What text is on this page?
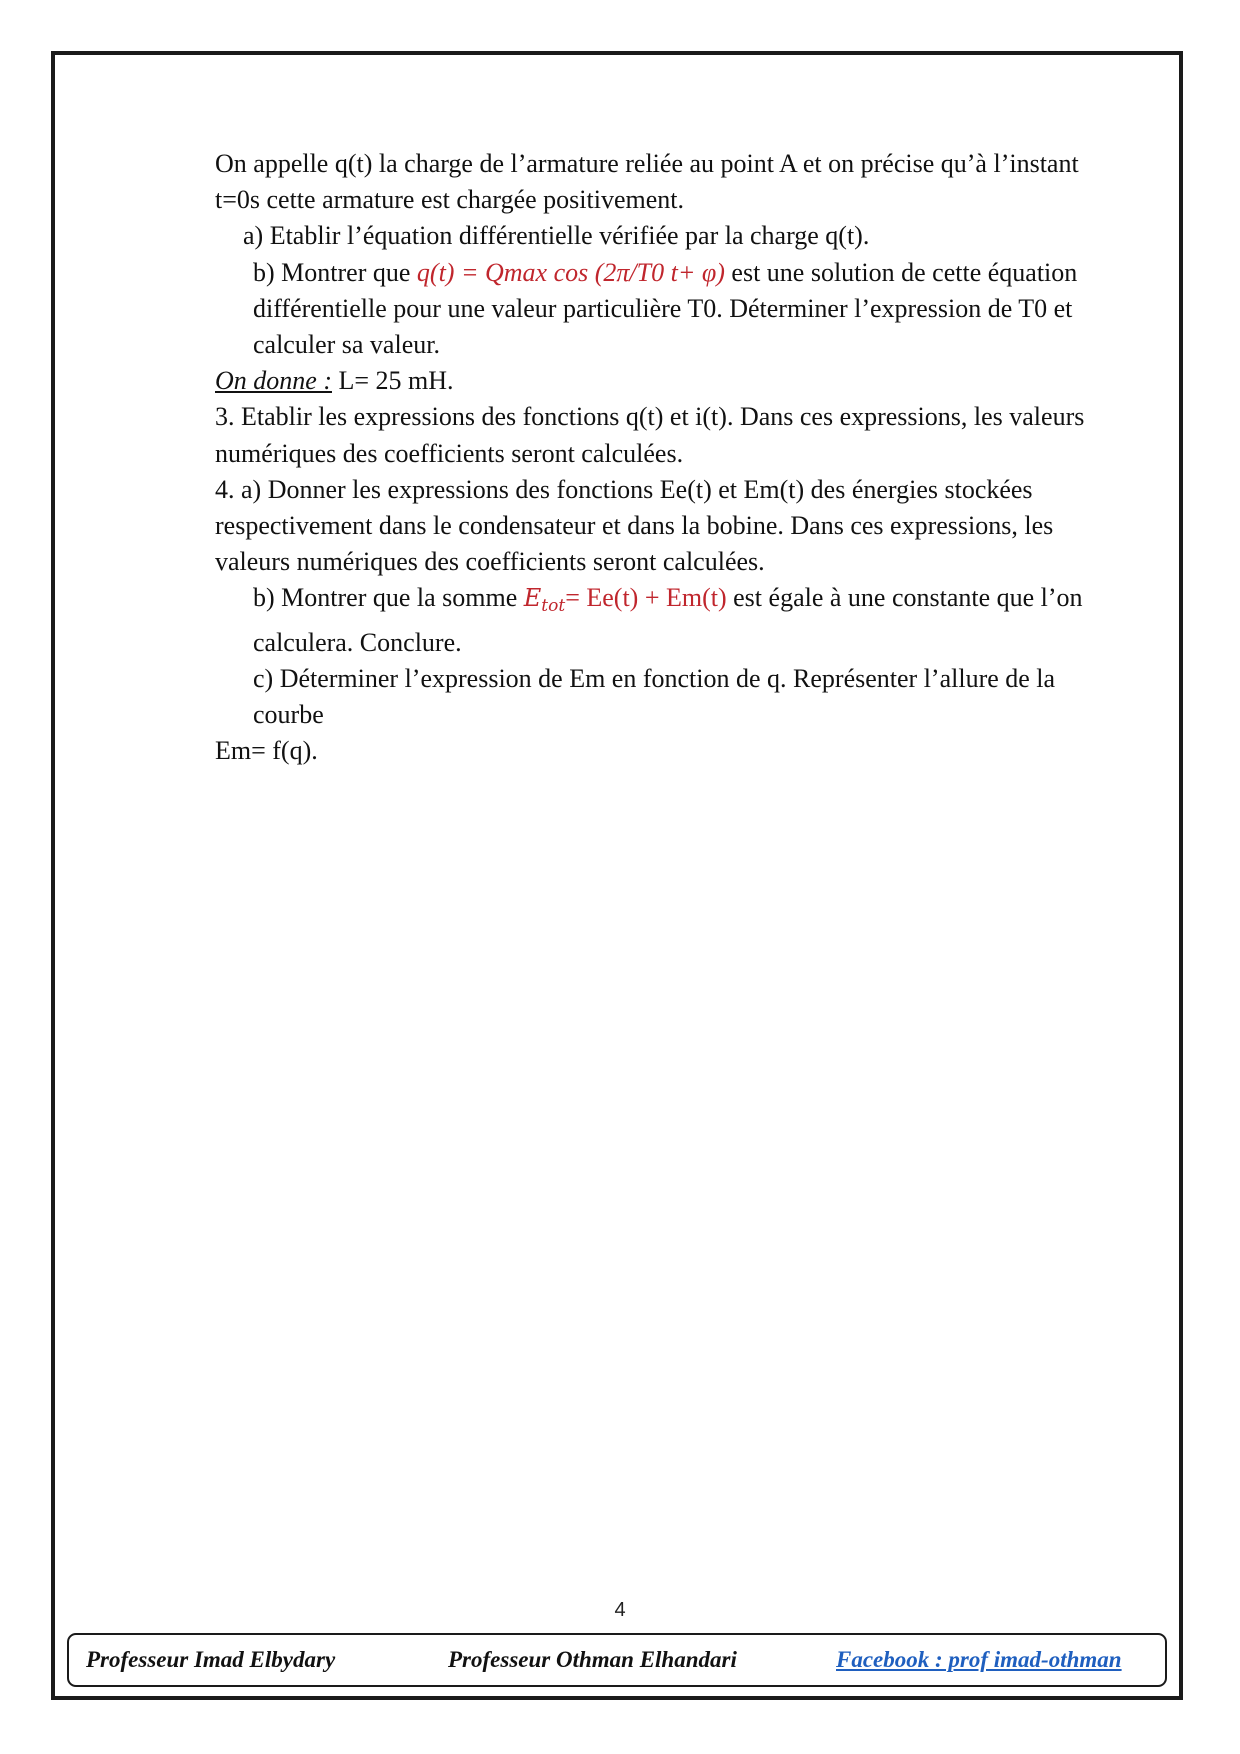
On appelle q(t) la charge de l’armature reliée au point A et on précise qu’à l’instant t=0s cette armature est chargée positivement.

a) Etablir l’équation différentielle vérifiée par la charge q(t).

b) Montrer que q(t) = Qmax cos (2π/T0 t+ φ) est une solution de cette équation différentielle pour une valeur particulière T0. Déterminer l’expression de T0 et calculer sa valeur.

On donne : L= 25 mH.

3. Etablir les expressions des fonctions q(t) et i(t). Dans ces expressions, les valeurs numériques des coefficients seront calculées.

4. a) Donner les expressions des fonctions Ee(t) et Em(t) des énergies stockées respectivement dans le condensateur et dans la bobine. Dans ces expressions, les valeurs numériques des coefficients seront calculées.

b) Montrer que la somme $E_{tot}= Ee(t) + Em(t)$ est égale à une constante que l’on calculera. Conclure.

c) Déterminer l’expression de Em en fonction de q. Représenter l’allure de la courbe

Em= f(q).

4
Professeur Imad Elbydary	Professeur Othman Elhandari	Facebook : prof imad-othman
